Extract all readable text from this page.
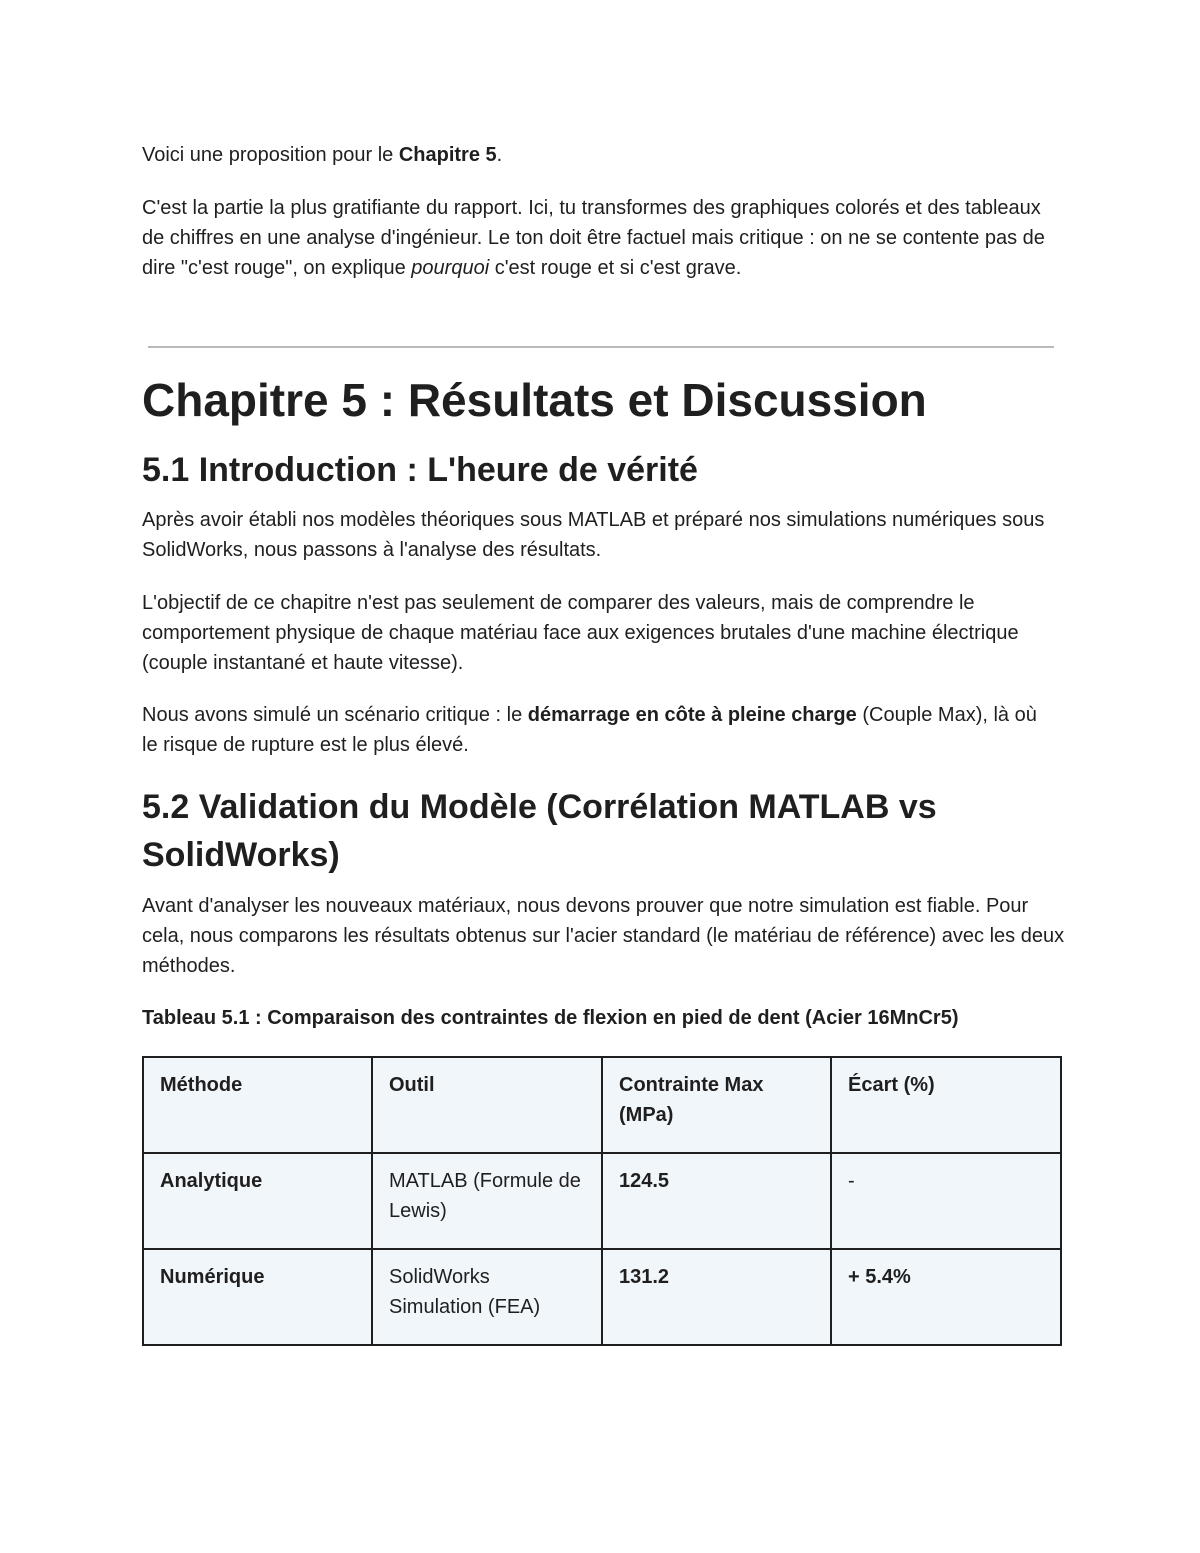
Voici une proposition pour le Chapitre 5.

C'est la partie la plus gratifiante du rapport. Ici, tu transformes des graphiques colorés et des tableaux de chiffres en une analyse d'ingénieur. Le ton doit être factuel mais critique : on ne se contente pas de dire "c'est rouge", on explique pourquoi c'est rouge et si c'est grave.

Chapitre 5 : Résultats et Discussion
5.1 Introduction : L'heure de vérité

Après avoir établi nos modèles théoriques sous MATLAB et préparé nos simulations numériques sous SolidWorks, nous passons à l'analyse des résultats.

L'objectif de ce chapitre n'est pas seulement de comparer des valeurs, mais de comprendre le comportement physique de chaque matériau face aux exigences brutales d'une machine électrique (couple instantané et haute vitesse).

Nous avons simulé un scénario critique : le démarrage en côte à pleine charge (Couple Max), là où le risque de rupture est le plus élevé.

5.2 Validation du Modèle (Corrélation MATLAB vs SolidWorks)

Avant d'analyser les nouveaux matériaux, nous devons prouver que notre simulation est fiable. Pour cela, nous comparons les résultats obtenus sur l'acier standard (le matériau de référence) avec les deux méthodes.

Tableau 5.1 : Comparaison des contraintes de flexion en pied de dent (Acier 16MnCr5)
Méthode	Outil	Contrainte Max (MPa)	Écart (%)
Analytique	MATLAB (Formule de Lewis)	124.5	-
Numérique	SolidWorks Simulation (FEA)	131.2	+ 5.4%
